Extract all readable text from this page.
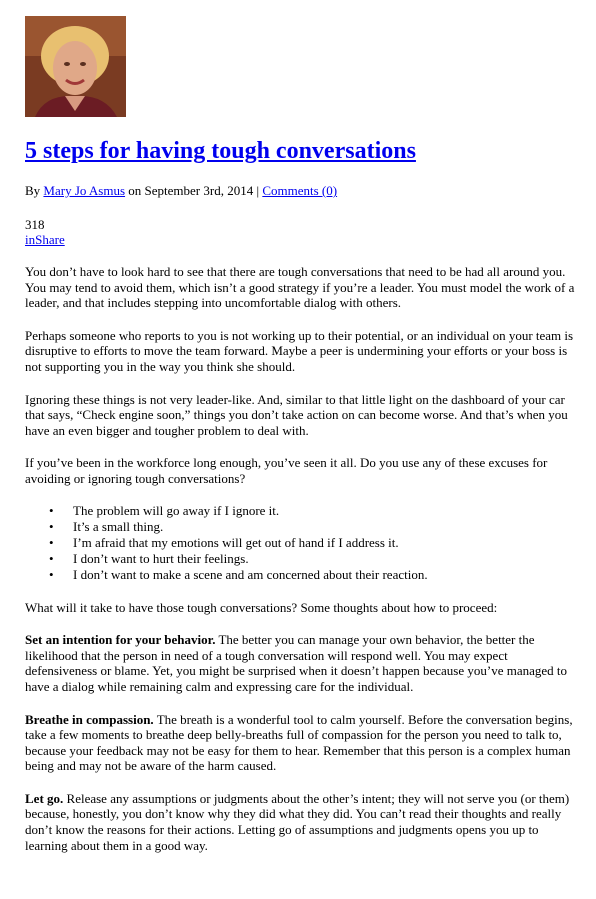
5 steps for having tough conversations
By Mary Jo Asmus on September 3rd, 2014 | Comments (0)
318
inShare

You don’t have to look hard to see that there are tough conversations that need to be had all around you. You may tend to avoid them, which isn’t a good strategy if you’re a leader. You must model the work of a leader, and that includes stepping into uncomfortable dialog with others.

Perhaps someone who reports to you is not working up to their potential, or an individual on your team is disruptive to efforts to move the team forward. Maybe a peer is undermining your efforts or your boss is not supporting you in the way you think she should.

Ignoring these things is not very leader-like. And, similar to that little light on the dashboard of your car that says, “Check engine soon,” things you don’t take action on can become worse. And that’s when you have an even bigger and tougher problem to deal with.

If you’ve been in the workforce long enough, you’ve seen it all. Do you use any of these excuses for avoiding or ignoring tough conversations?

• The problem will go away if I ignore it.
• It’s a small thing.
• I’m afraid that my emotions will get out of hand if I address it.
• I don’t want to hurt their feelings.
• I don’t want to make a scene and am concerned about their reaction.

What will it take to have those tough conversations? Some thoughts about how to proceed:

Set an intention for your behavior. The better you can manage your own behavior, the better the likelihood that the person in need of a tough conversation will respond well. You may expect defensiveness or blame. Yet, you might be surprised when it doesn’t happen because you’ve managed to have a dialog while remaining calm and expressing care for the individual.

Breathe in compassion. The breath is a wonderful tool to calm yourself. Before the conversation begins, take a few moments to breathe deep belly-breaths full of compassion for the person you need to talk to, because your feedback may not be easy for them to hear. Remember that this person is a complex human being and may not be aware of the harm caused.

Let go. Release any assumptions or judgments about the other’s intent; they will not serve you (or them) because, honestly, you don’t know why they did what they did. You can’t read their thoughts and really don’t know the reasons for their actions. Letting go of assumptions and judgments opens you up to learning about them in a good way.
